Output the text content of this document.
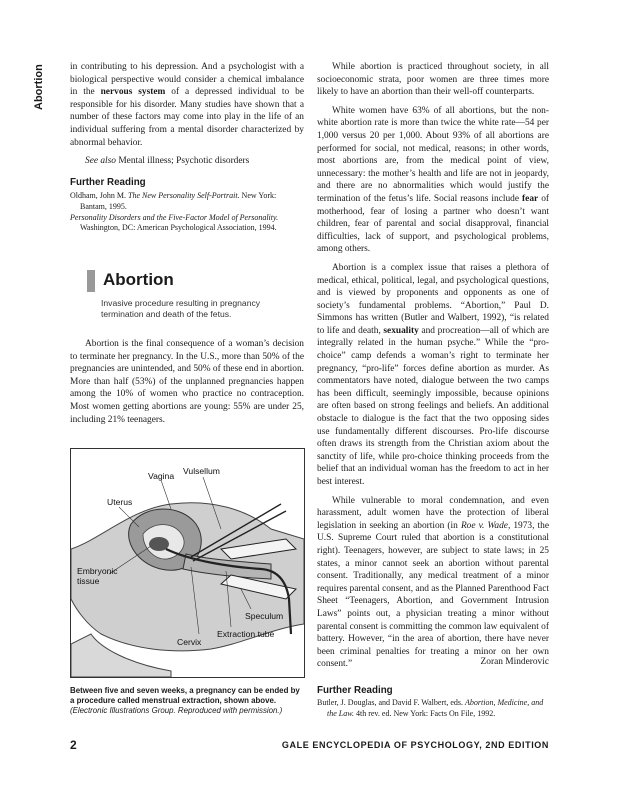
Abortion	in contributing to his depression. And a psychologist with a biological perspective would consider a chemical imbalance in the nervous system of a depressed individual to be responsible for his disorder. Many studies have shown that a number of these factors may come into play in the life of an individual suffering from a mental disorder characterized by abnormal behavior.

See also Mental illness; Psychotic disorders

Further Reading

Oldham, John M. The New Personality Self-Portrait. New York: Bantam, 1995.

Personality Disorders and the Five-Factor Model of Personality. Washington, DC: American Psychological Association, 1994.

Abortion
Invasive procedure resulting in pregnancy termination and death of the fetus.

Abortion is the final consequence of a woman’s decision to terminate her pregnancy. In the U.S., more than 50% of the pregnancies are unintended, and 50% of these end in abortion. More than half (53%) of the unplanned pregnancies happen among the 10% of women who practice no contraception. Most women getting abortions are young: 55% are under 25, including 21% teenagers.

Vagina Vulsellum
Uterus
Embryonic tissue
Speculum
Extraction tube
Cervix
Between five and seven weeks, a pregnancy can be ended by a procedure called menstrual extraction, shown above. (Electronic Illustrations Group. Reproduced with permission.)

While abortion is practiced throughout society, in all socioeconomic strata, poor women are three times more likely to have an abortion than their well-off counterparts.

White women have 63% of all abortions, but the non-white abortion rate is more than twice the white rate—54 per 1,000 versus 20 per 1,000. About 93% of all abortions are performed for social, not medical, reasons; in other words, most abortions are, from the medical point of view, unnecessary: the mother’s health and life are not in jeopardy, and there are no abnormalities which would justify the termination of the fetus’s life. Social reasons include fear of motherhood, fear of losing a partner who doesn’t want children, fear of parental and social disapproval, financial difficulties, lack of support, and psychological problems, among others.

Abortion is a complex issue that raises a plethora of medical, ethical, political, legal, and psychological questions, and is viewed by proponents and opponents as one of society’s fundamental problems. “Abortion,” Paul D. Simmons has written (Butler and Walbert, 1992), “is related to life and death, sexuality and procreation—all of which are integrally related in the human psyche.” While the “pro-choice” camp defends a woman’s right to terminate her pregnancy, “pro-life” forces define abortion as murder. As commentators have noted, dialogue between the two camps has been difficult, seemingly impossible, because opinions are often based on strong feelings and beliefs. An additional obstacle to dialogue is the fact that the two opposing sides use fundamentally different discourses. Pro-life discourse often draws its strength from the Christian axiom about the sanctity of life, while pro-choice thinking proceeds from the belief that an individual woman has the freedom to act in her best interest.

While vulnerable to moral condemnation, and even harassment, adult women have the protection of liberal legislation in seeking an abortion (in Roe v. Wade, 1973, the U.S. Supreme Court ruled that abortion is a constitutional right). Teenagers, however, are subject to state laws; in 25 states, a minor cannot seek an abortion without parental consent. Traditionally, any medical treatment of a minor requires parental consent, and as the Planned Parenthood Fact Sheet “Teenagers, Abortion, and Government Intrusion Laws” points out, a physician treating a minor without parental consent is committing the common law equivalent of battery. However, “in the area of abortion, there have never been criminal penalties for treating a minor on her own consent.”	Zoran Minderovic
Further Reading

Butler, J. Douglas, and David F. Walbert, eds. Abortion, Medicine, and the Law. 4th rev. ed. New York: Facts On File, 1992.

2	GALE ENCYCLOPEDIA OF PSYCHOLOGY, 2ND EDITION
